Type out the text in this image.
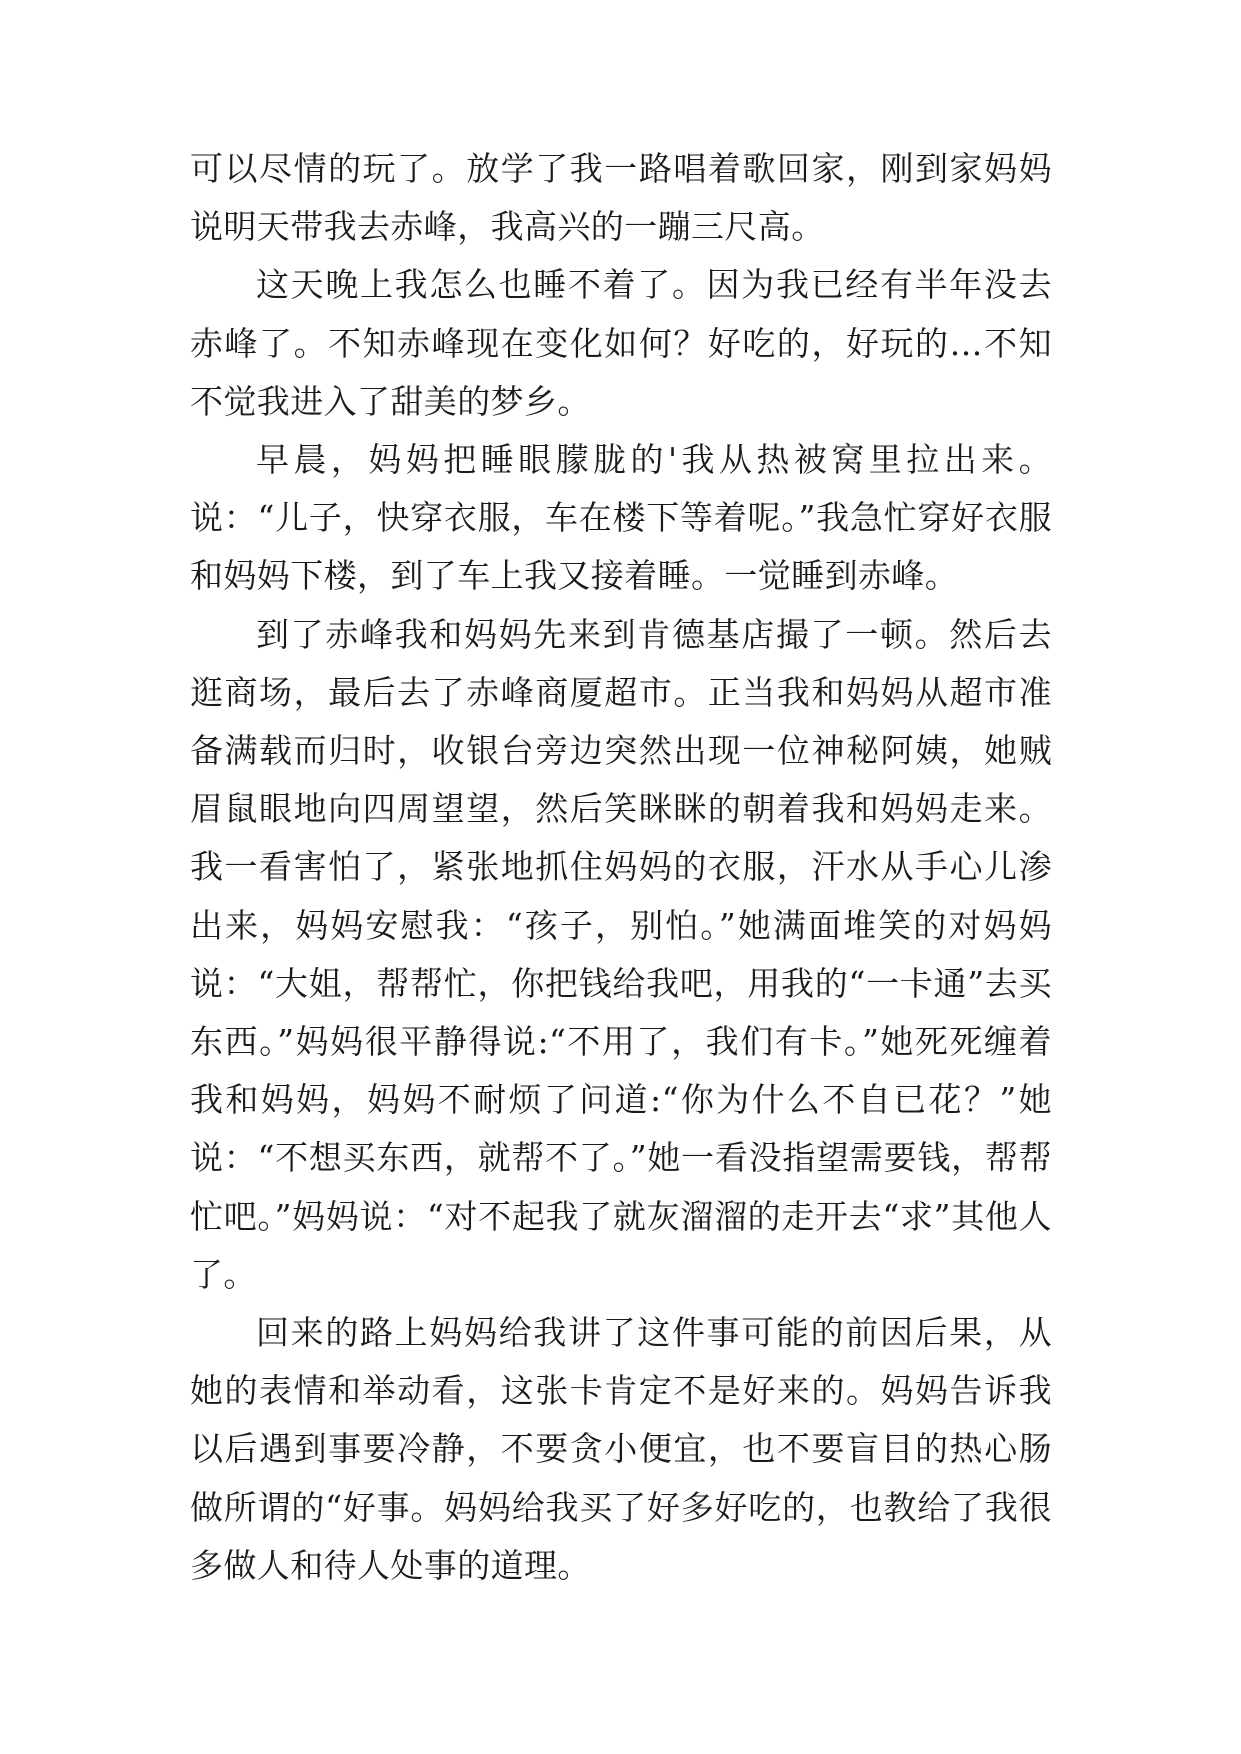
可以尽情的玩了。放学了我一路唱着歌回家，刚到家妈妈说明天带我去赤峰，我高兴的一蹦三尺高。

这天晚上我怎么也睡不着了。因为我已经有半年没去赤峰了。不知赤峰现在变化如何？好吃的，好玩的…不知不觉我进入了甜美的梦乡。

早晨，妈妈把睡眼朦胧的'我从热被窝里拉出来。说：“儿子，快穿衣服，车在楼下等着呢。”我急忙穿好衣服和妈妈下楼，到了车上我又接着睡。一觉睡到赤峰。

到了赤峰我和妈妈先来到肯德基店撮了一顿。然后去逛商场，最后去了赤峰商厦超市。正当我和妈妈从超市准备满载而归时，收银台旁边突然出现一位神秘阿姨，她贼眉鼠眼地向四周望望，然后笑眯眯的朝着我和妈妈走来。我一看害怕了，紧张地抓住妈妈的衣服，汗水从手心儿渗出来，妈妈安慰我：“孩子，别怕。”她满面堆笑的对妈妈说：“大姐，帮帮忙，你把钱给我吧，用我的“一卡通”去买东西。”妈妈很平静得说:“不用了，我们有卡。”她死死缠着我和妈妈，妈妈不耐烦了问道:“你为什么不自已花？”她说：“不想买东西，就帮不了。”她一看没指望需要钱，帮帮忙吧。”妈妈说：“对不起我了就灰溜溜的走开去“求”其他人了。

回来的路上妈妈给我讲了这件事可能的前因后果，从她的表情和举动看，这张卡肯定不是好来的。妈妈告诉我以后遇到事要冷静，不要贪小便宜，也不要盲目的热心肠做所谓的“好事。妈妈给我买了好多好吃的，也教给了我很多做人和待人处事的道理。
